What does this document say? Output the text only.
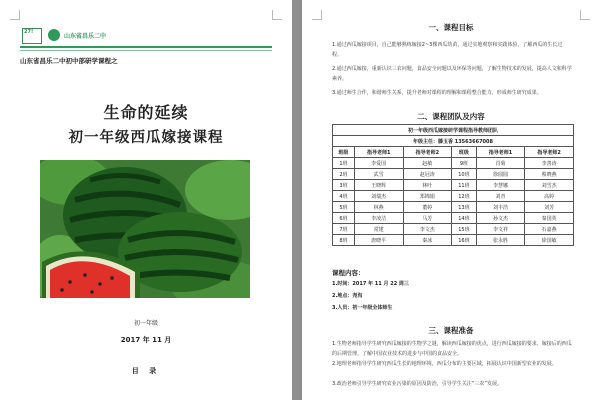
27!
山东省昌乐二中
山东省昌乐二中初中部研学课程之
生命的延续
初一年级西瓜嫁接课程
初一年级
2017 年 11 月
目 录
一、课程目标
1.通过西瓜嫁接项目，自己能够熟练嫁接2~3棵西瓜幼苗，通过实地观察和实践体验，了解西瓜的生长过程。
2.通过西瓜嫁接，重新认识三农问题，食品安全问题以及环保等问题，了解生物技术的发展，提高人文和科学素养。
3.通过师生合作，和谐师生关系，提升老师对课程的理解和课程整合能力，形成师生研究成果。
二、课程团队及内容
初一年级西瓜嫁接研学课程指导教师团队					
年级主任：滕玉香 13563667008					
班级	指导老师1	指导老师2	班级	指导老师1	指导老师2
1班	李爱国	赵敏	9班	肖菊	李善涛
2班	武雪	赵冠涛	10班	徐圆圆	蔡晓燕
3班	王晓辉	林叶	11班	李慧娜	刘雪杰
4班	刘瑞杰	郑锦娟	12班	刘青	高婷
5班	林燕	董婷	13班	刘丰浩	刘芳
6班	李凌洁	马芳	14班	孙文杰	秦国英
7班	常建	李文杰	15班	李文祥	石嘉燕
8班	唐晓平	秦冰	16班	张永胜	徐国敏
课程内容：
1.时间：2017 年 11 月 22 周三
2.地点：尧沟
3.人员：初一年级全体师生
三、课程准备
1.生物老师指导学生研究西瓜嫁接的生物学之谜，解读西瓜嫁接的优点，进行西瓜嫁接的要求，嫁接后的西瓜的后期管理。了解中国农业技术的进步与中国的食品安全。
2.地理老师指导学生研究西瓜生长的地理环境，西瓜分布的主要区域，拓展认识中国新型农业的发展。
3.政治老师引导学生研究农业污染的原因及防治，引导学生关注“三农”发展。
